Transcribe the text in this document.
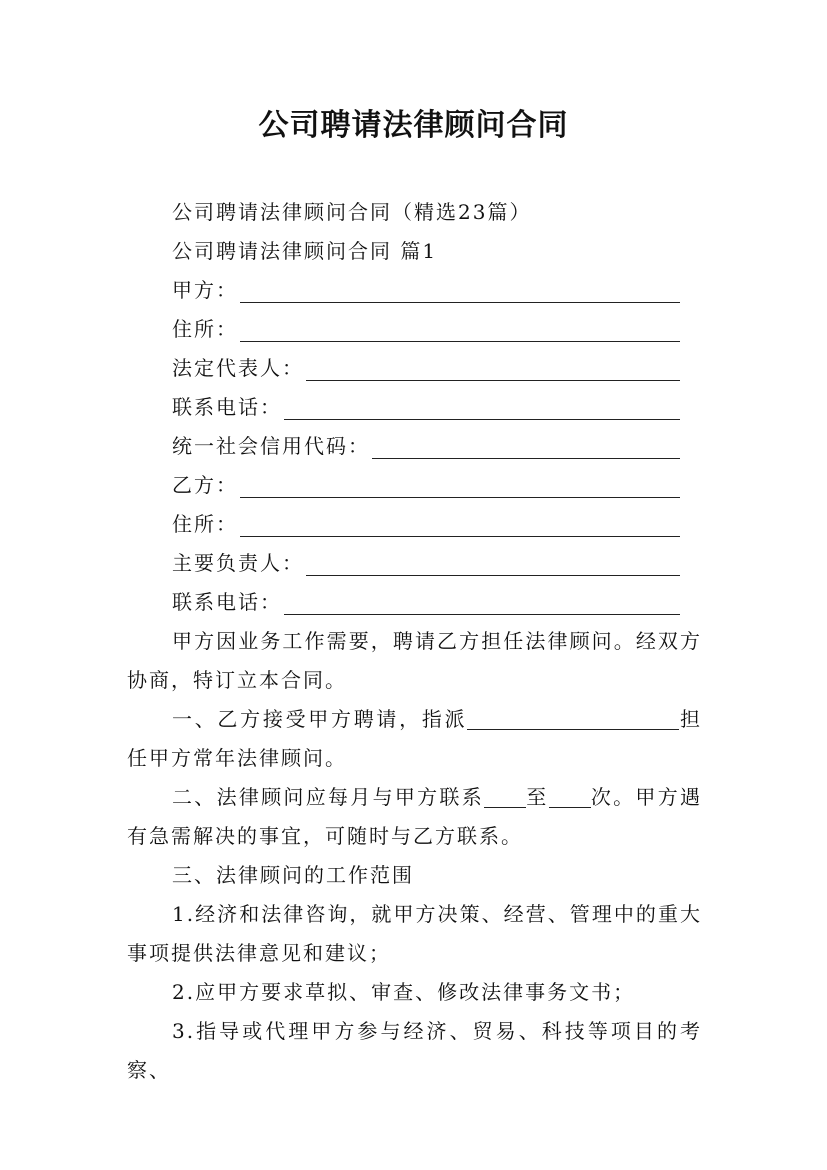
公司聘请法律顾问合同
公司聘请法律顾问合同（精选23篇）
公司聘请法律顾问合同 篇1
甲方：
住所：
法定代表人：
联系电话：
统一社会信用代码：
乙方：
住所：
主要负责人：
联系电话：
甲方因业务工作需要，聘请乙方担任法律顾问。经双方协商，特订立本合同。
一、乙方接受甲方聘请，指派	担任甲方常年法律顾问。
二、法律顾问应每月与甲方联系 至 次。甲方遇有急需解决的事宜，可随时与乙方联系。
三、法律顾问的工作范围
1.经济和法律咨询，就甲方决策、经营、管理中的重大事项提供法律意见和建议；
2.应甲方要求草拟、审查、修改法律事务文书；
3.指导或代理甲方参与经济、贸易、科技等项目的考察、
